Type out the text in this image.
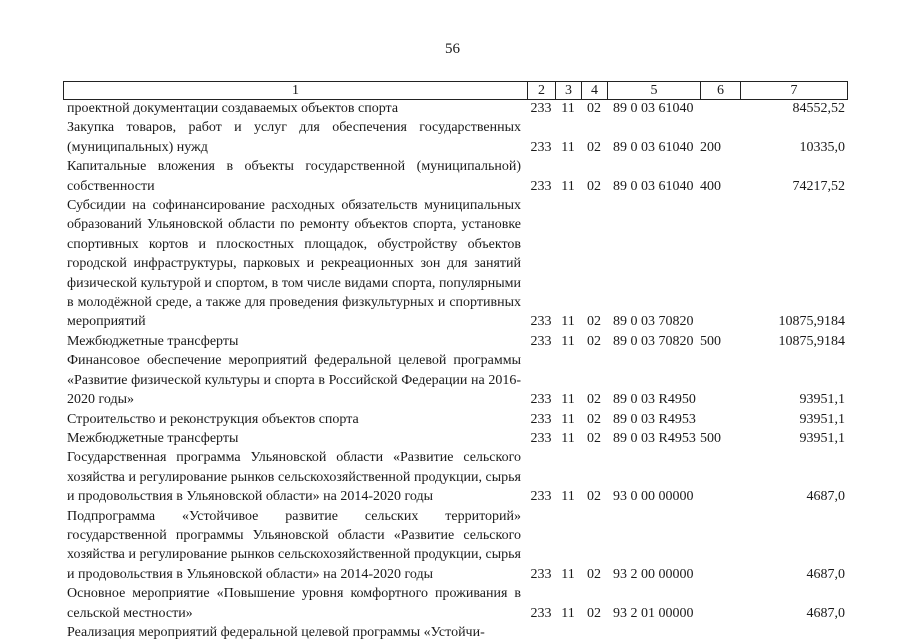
56
1	2	3	4	5	6	7
проектной документации создаваемых объектов спорта	233	11	02	89 0 03 61040		84552,52
Закупка товаров, работ и услуг для обеспечения государственных (муниципальных) нужд	233	11	02	89 0 03 61040	200	10335,0
Капитальные вложения в объекты государственной (муниципальной) собственности	233	11	02	89 0 03 61040	400	74217,52
Субсидии на софинансирование расходных обязательств муниципальных образований Ульяновской области по ремонту объектов спорта, установке спортивных кортов и плоскостных площадок, обустройству объектов городской инфраструктуры, парковых и рекреационных зон для занятий физической культурой и спортом, в том числе видами спорта, популярными в молодёжной среде, а также для проведения физкультурных и спортивных мероприятий	233	11	02	89 0 03 70820		10875,9184
Межбюджетные трансферты	233	11	02	89 0 03 70820	500	10875,9184
Финансовое обеспечение мероприятий федеральной целевой программы «Развитие физической культуры и спорта в Российской Федерации на 2016-2020 годы»	233	11	02	89 0 03 R4950		93951,1
Строительство и реконструкция объектов спорта	233	11	02	89 0 03 R4953		93951,1
Межбюджетные трансферты	233	11	02	89 0 03 R4953	500	93951,1
Государственная программа Ульяновской области «Развитие сельского хозяйства и регулирование рынков сельскохозяйственной продукции, сырья и продовольствия в Ульяновской области» на 2014-2020 годы	233	11	02	93 0 00 00000		4687,0
Подпрограмма «Устойчивое развитие сельских территорий» государственной программы Ульяновской области «Развитие сельского хозяйства и регулирование рынков сельскохозяйственной продукции, сырья и продовольствия в Ульяновской области» на 2014-2020 годы	233	11	02	93 2 00 00000		4687,0
Основное мероприятие «Повышение уровня комфортного проживания в сельской местности»	233	11	02	93 2 01 00000		4687,0
Реализация мероприятий федеральной целевой программы «Устойчи-						
